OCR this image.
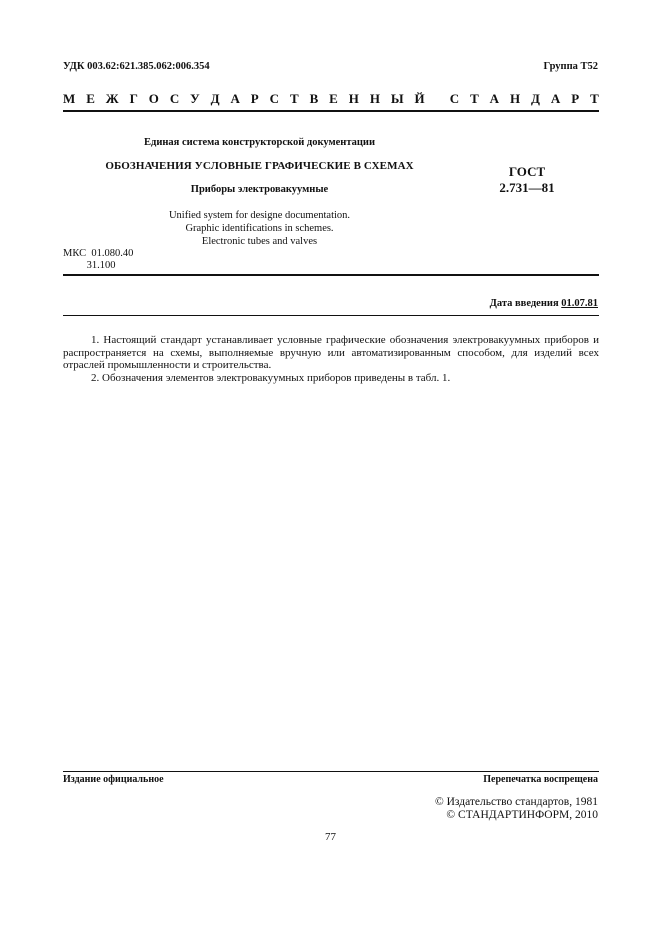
УДК 003.62:621.385.062:006.354	Группа Т52
М Е Ж Г О С У Д А Р С Т В Е Н Н Ы Й
С Т А Н Д А Р Т
Единая система конструкторской документации
ОБОЗНАЧЕНИЯ УСЛОВНЫЕ ГРАФИЧЕСКИЕ В СХЕМАХ
Приборы электровакуумные
ГОСТ
2.731—81
Unified system for designe documentation.
Graphic identifications in schemes.
Electronic tubes and valves
МКС  01.080.40
31.100
Дата введения 01.07.81
1. Настоящий стандарт устанавливает условные графические обозначения электровакуумных приборов и распространяется на схемы, выполняемые вручную или автоматизированным способом, для изделий всех отраслей промышленности и строительства.
2. Обозначения элементов электровакуумных приборов приведены в табл. 1.
Издание официальное	Перепечатка воспрещена
© Издательство стандартов, 1981
© СТАНДАРТИНФОРМ, 2010
77
